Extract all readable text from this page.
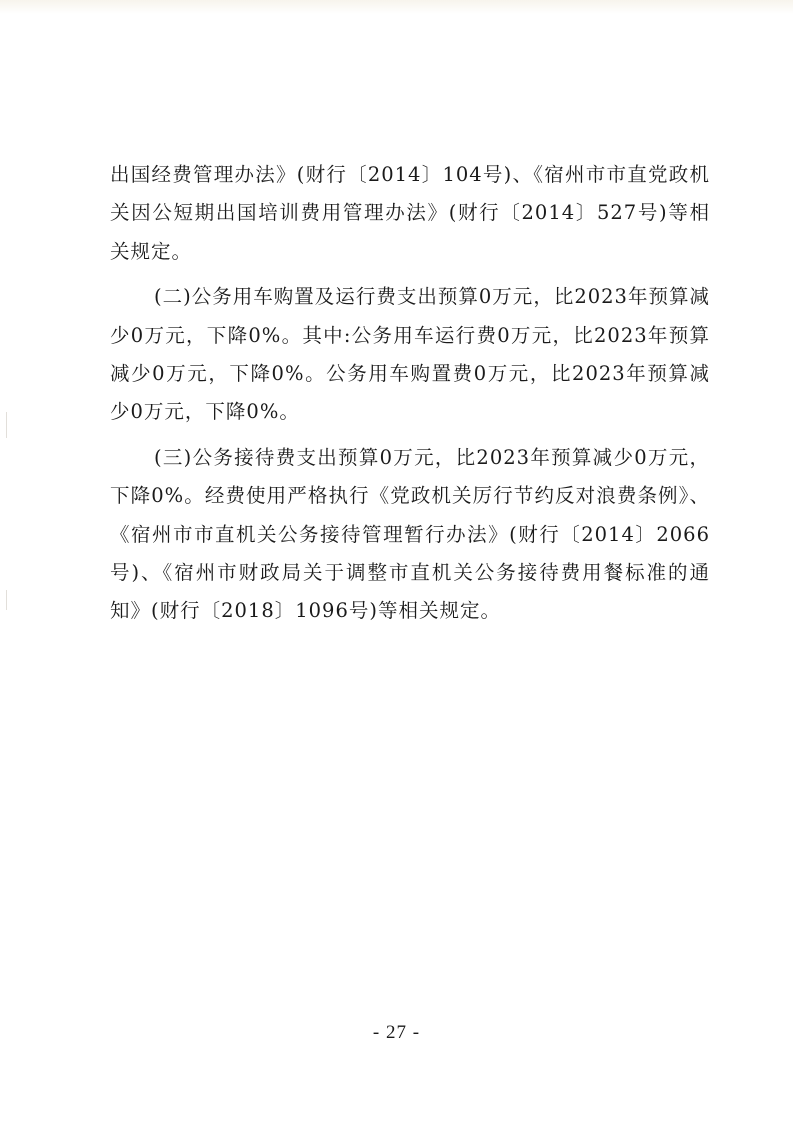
出国经费管理办法》(财行〔2014〕104号)、《宿州市市直党政机关因公短期出国培训费用管理办法》(财行〔2014〕527号)等相关规定。

(二)公务用车购置及运行费支出预算0万元，比2023年预算减少0万元，下降0%。其中:公务用车运行费0万元，比2023年预算减少0万元，下降0%。公务用车购置费0万元，比2023年预算减少0万元，下降0%。

(三)公务接待费支出预算0万元，比2023年预算减少0万元，下降0%。经费使用严格执行《党政机关厉行节约反对浪费条例》、《宿州市市直机关公务接待管理暂行办法》(财行〔2014〕2066号)、《宿州市财政局关于调整市直机关公务接待费用餐标准的通知》(财行〔2018〕1096号)等相关规定。

- 27 -
